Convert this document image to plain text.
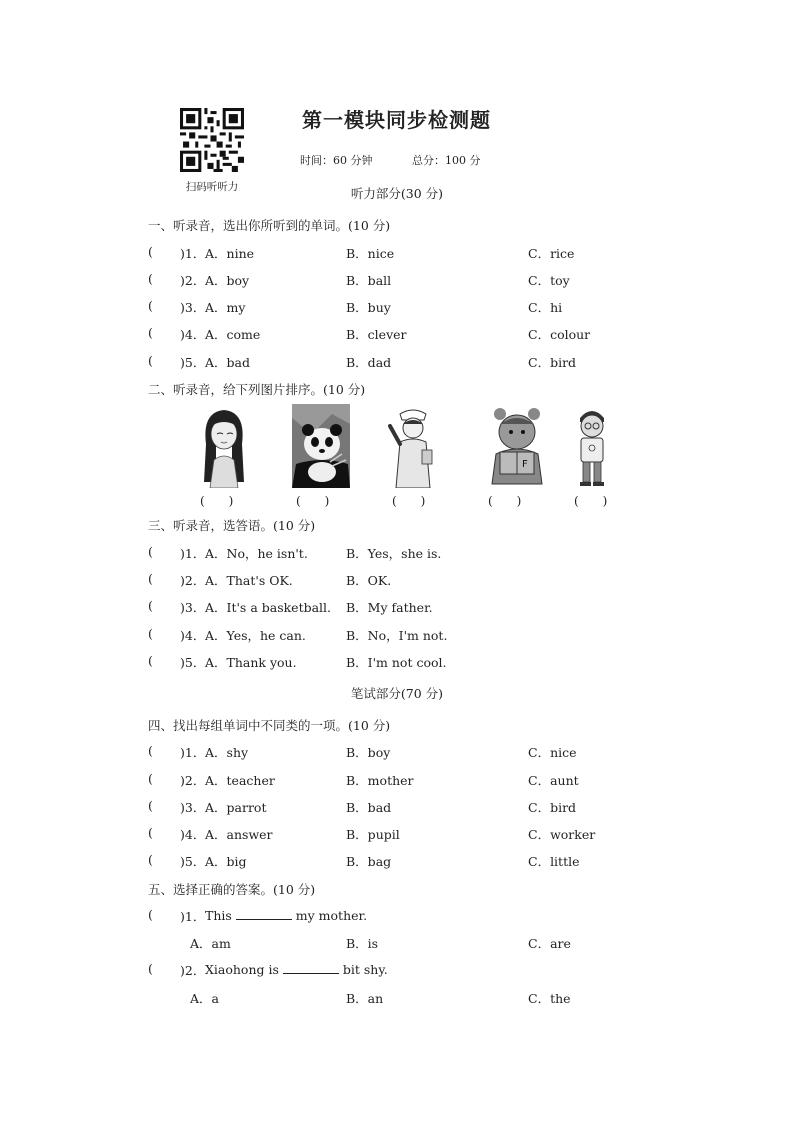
扫码听听力
第一模块同步检测题
时间：60 分钟	总分：100 分
听力部分(30 分)
一、听录音，选出你所听到的单词。(10 分)
( )1． A．nine	B．nice	C．rice
( )2． A．boy	B．ball	C．toy
( )3． A．my	B．buy	C．hi
( )4． A．come	B．clever	C．colour
( )5． A．bad	B．dad	C．bird
二、听录音，给下列图片排序。(10 分)
F
(　　)	(　　)	(　　)	(　　)	(　　)
三、听录音，选答语。(10 分)
( )1． A．No，he isn't.	B．Yes，she is.
( )2． A．That's OK.	B．OK.
( )3． A．It's a basketball. B．My father.
( )4． A．Yes，he can.	B．No，I'm not.
( )5． A．Thank you.	B．I'm not cool.
笔试部分(70 分)
四、找出每组单词中不同类的一项。(10 分)
( )1． A．shy	B．boy	C．nice
( )2． A．teacher	B．mother	C．aunt
( )3． A．parrot	B．bad	C．bird
( )4． A．answer	B．pupil	C．worker
( )5． A．big	B．bag	C．little
五、选择正确的答案。(10 分)
( )1． This	my mother.
A．am	B．is	C．are
( )2． Xiaohong is	bit shy.
A．a	B．an	C．the
